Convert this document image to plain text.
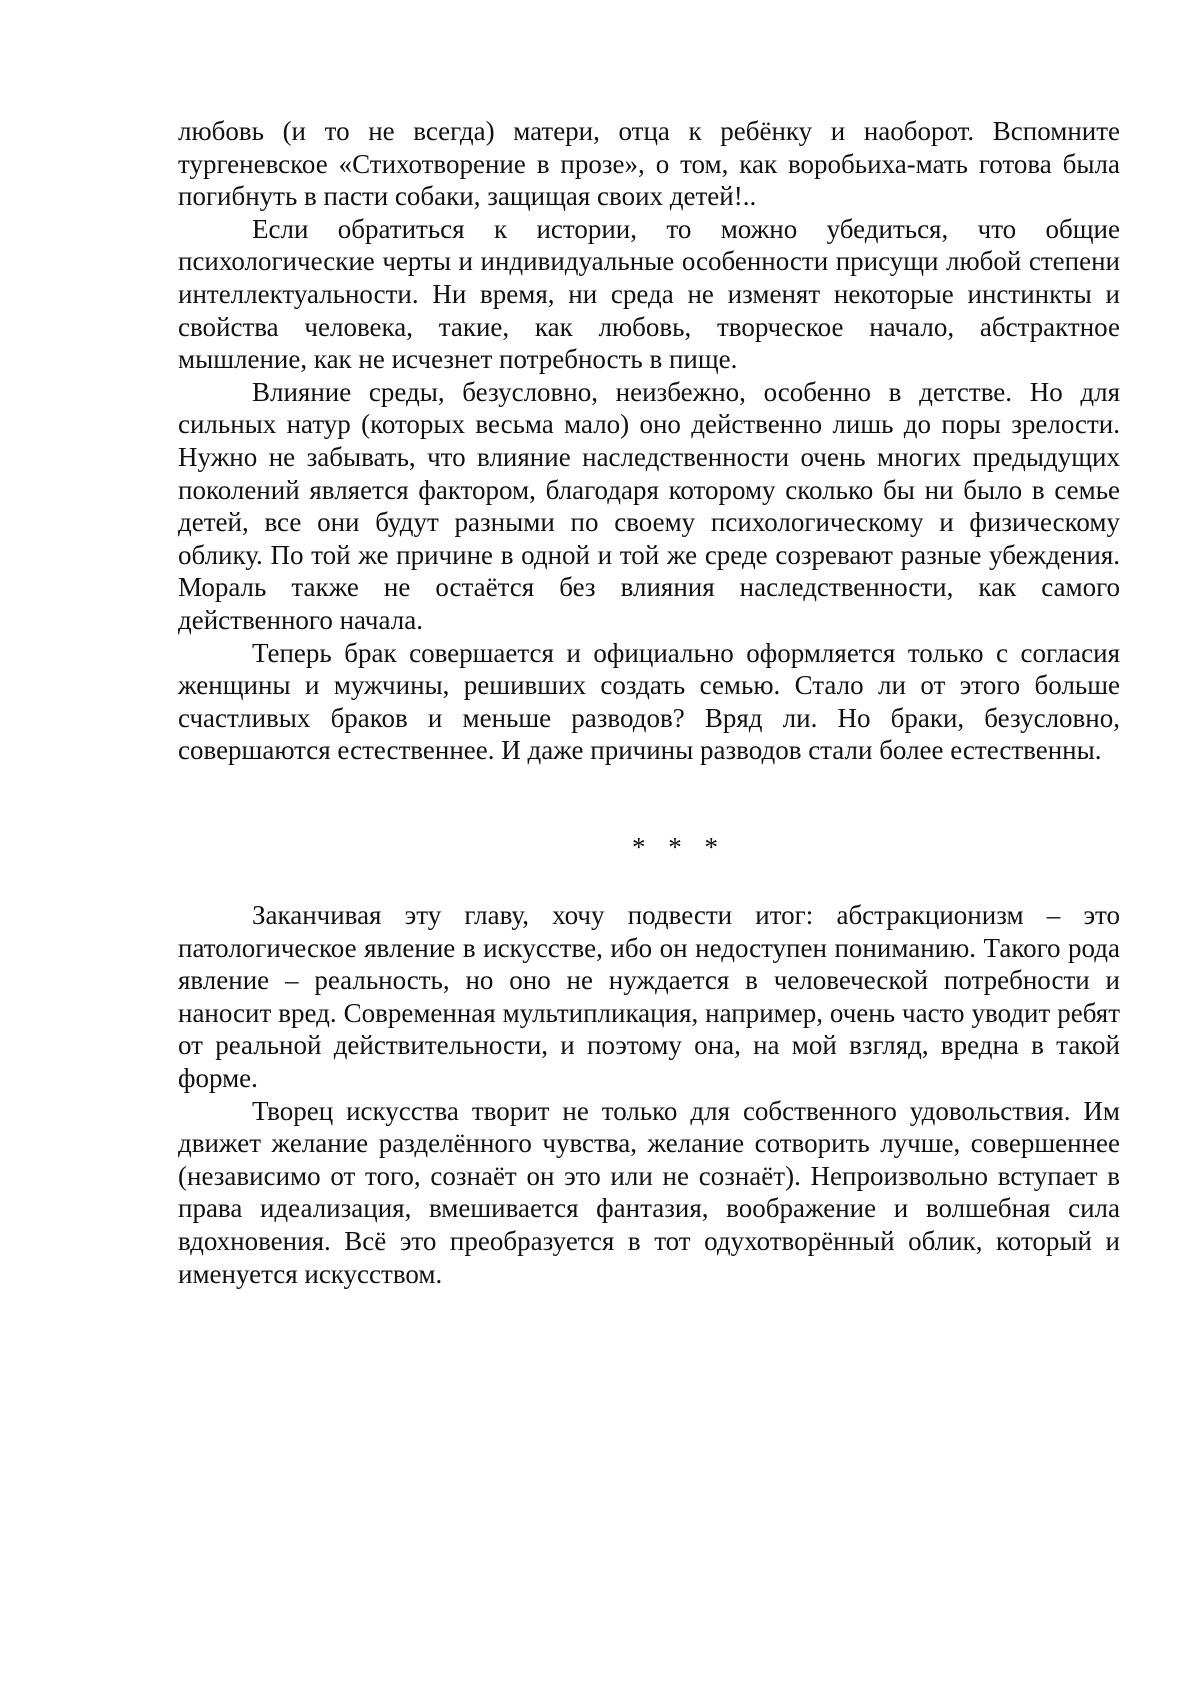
любовь (и то не всегда) матери, отца к ребёнку и наоборот. Вспомните тургеневское «Стихотворение в прозе», о том, как воробьиха-мать готова была погибнуть в пасти собаки, защищая своих детей!..

Если обратиться к истории, то можно убедиться, что общие психологические черты и индивидуальные особенности присущи любой степени интеллектуальности. Ни время, ни среда не изменят некоторые инстинкты и свойства человека, такие, как любовь, творческое начало, абстрактное мышление, как не исчезнет потребность в пище.

Влияние среды, безусловно, неизбежно, особенно в детстве. Но для сильных натур (которых весьма мало) оно действенно лишь до поры зрелости. Нужно не забывать, что влияние наследственности очень многих предыдущих поколений является фактором, благодаря которому сколько бы ни было в семье детей, все они будут разными по своему психологическому и физическому облику. По той же причине в одной и той же среде созревают разные убеждения. Мораль также не остаётся без влияния наследственности, как самого действенного начала.

Теперь брак совершается и официально оформляется только с согласия женщины и мужчины, решивших создать семью. Стало ли от этого больше счастливых браков и меньше разводов? Вряд ли. Но браки, безусловно, совершаются естественнее. И даже причины разводов стали более естественны.

* * *

Заканчивая эту главу, хочу подвести итог: абстракционизм – это патологическое явление в искусстве, ибо он недоступен пониманию. Такого рода явление – реальность, но оно не нуждается в человеческой потребности и наносит вред. Современная мультипликация, например, очень часто уводит ребят от реальной действительности, и поэтому она, на мой взгляд, вредна в такой форме.

Творец искусства творит не только для собственного удовольствия. Им движет желание разделённого чувства, желание сотворить лучше, совершеннее (независимо от того, сознаёт он это или не сознаёт). Непроизвольно вступает в права идеализация, вмешивается фантазия, воображение и волшебная сила вдохновения. Всё это преобразуется в тот одухотворённый облик, который и именуется искусством.
